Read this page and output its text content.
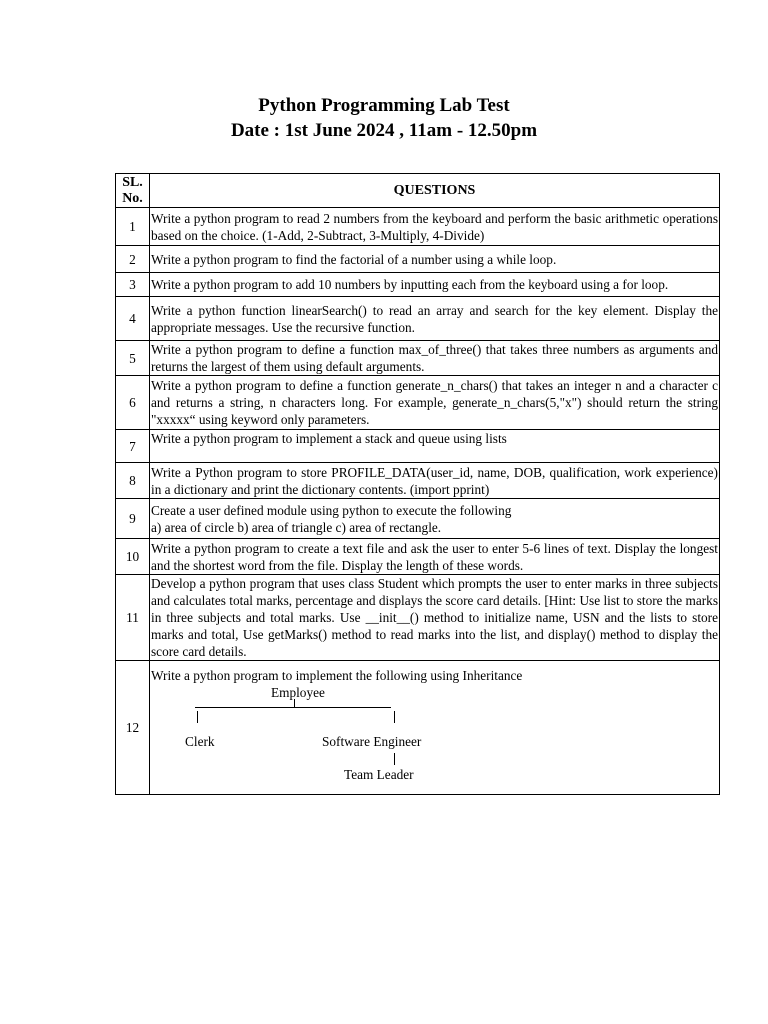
Python Programming Lab Test
Date : 1st June 2024 , 11am - 12.50pm
SL.
No.	QUESTIONS
1	Write a python program to read 2 numbers from the keyboard and perform the basic arithmetic operations based on the choice. (1-Add, 2-Subtract, 3-Multiply, 4-Divide)
2	Write a python program to find the factorial of a number using a while loop.
3	Write a python program to add 10 numbers by inputting each from the keyboard using a for loop.
4	Write a python function linearSearch() to read an array and search for the key element. Display the appropriate messages. Use the recursive function.
5	Write a python program to define a function max_of_three() that takes three numbers as arguments and returns the largest of them using default arguments.
6	Write a python program to define a function generate_n_chars() that takes an integer n and a character c and returns a string, n characters long. For example, generate_n_chars(5,"x") should return the string "xxxxx“ using keyword only parameters.
7	Write a python program to implement a stack and queue using lists
8	Write a Python program to store PROFILE_DATA(user_id, name, DOB, qualification, work experience) in a dictionary and print the dictionary contents. (import pprint)
9	Create a user defined module using python to execute the following
a) area of circle b) area of triangle c) area of rectangle.

10	Write a python program to create a text file and ask the user to enter 5-6 lines of text. Display the longest and the shortest word from the file. Display the length of these words.
11	Develop a python program that uses class Student which prompts the user to enter marks in three subjects and calculates total marks, percentage and displays the score card details. [Hint: Use list to store the marks in three subjects and total marks. Use __init__() method to initialize name, USN and the lists to store marks and total, Use getMarks() method to read marks into the list, and display() method to display the score card details.
12	Write a python program to implement the following using Inheritance
Employee
Clerk Software Engineer
Team Leader
